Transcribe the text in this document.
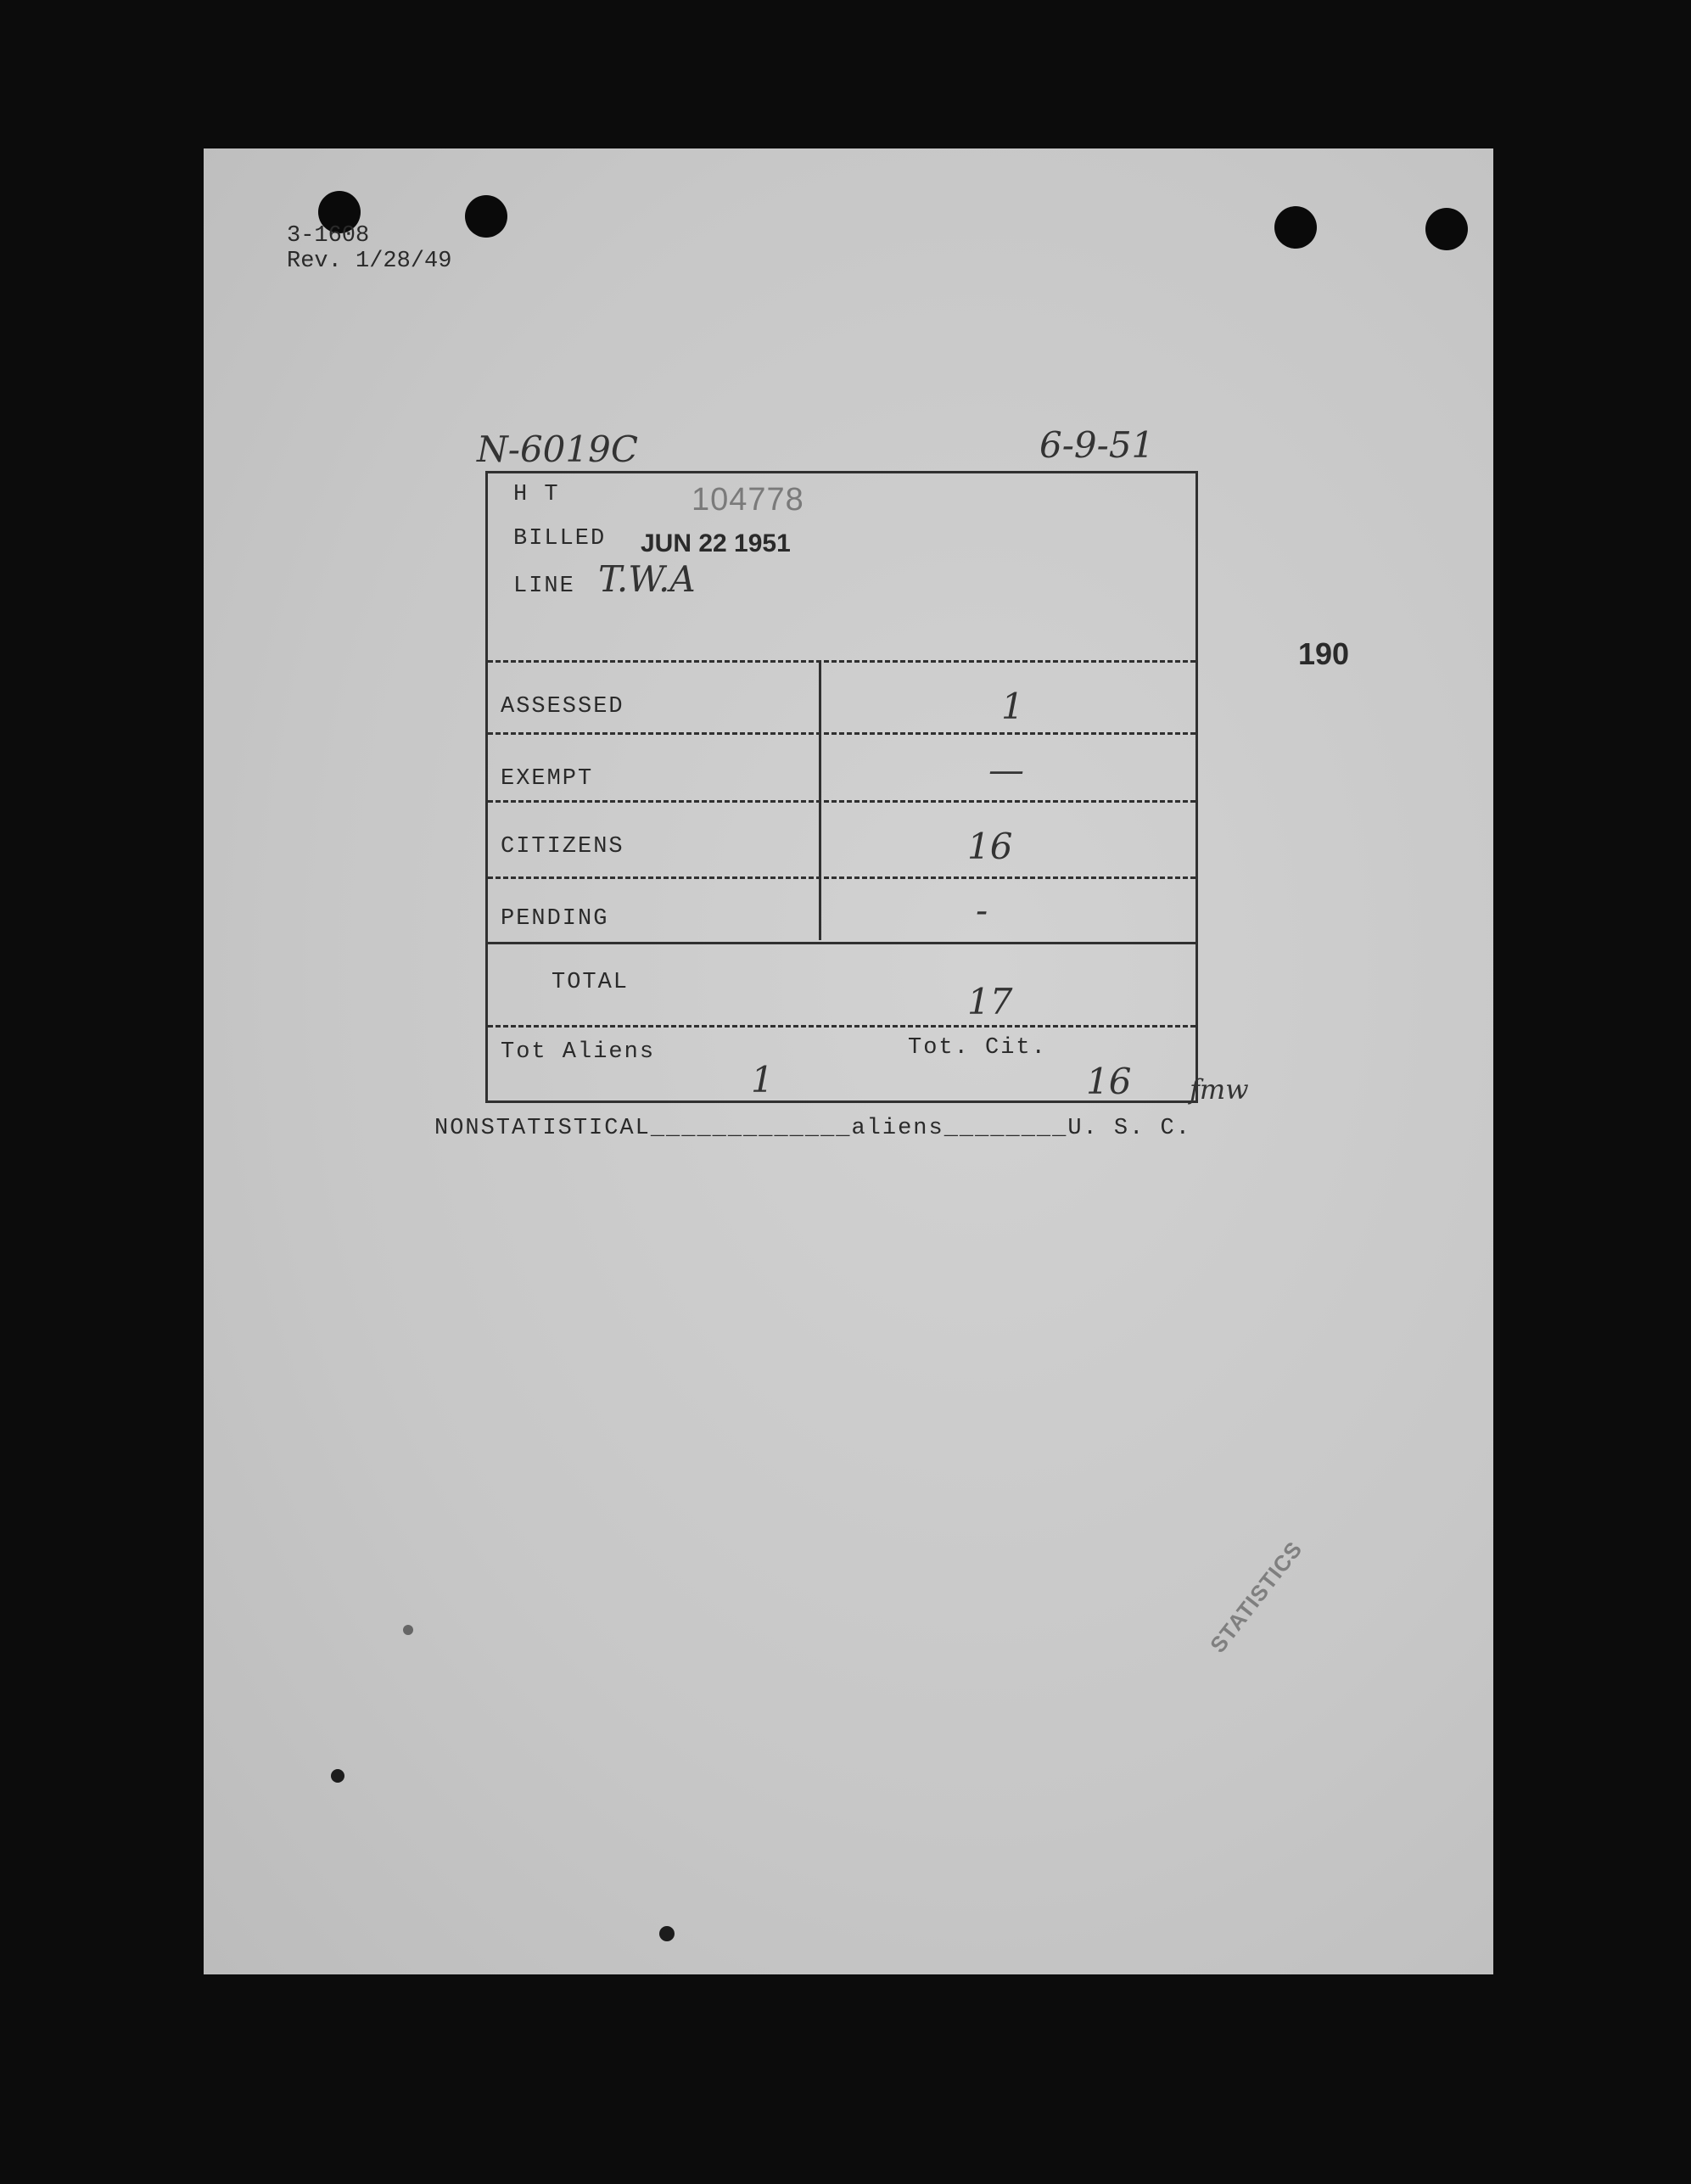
3-1608
Rev. 1/28/49
N-6019C	6-9-51
190
H T	104778
BILLED JUN 22 1951
LINE T.W.A
ASSESSED	1
EXEMPT	—
CITIZENS	16
PENDING	-
TOTAL	17
Tot Aliens
1
Tot. Cit.
16 fmw
NONSTATISTICAL_____________aliens________U. S. C.
STATISTICS
